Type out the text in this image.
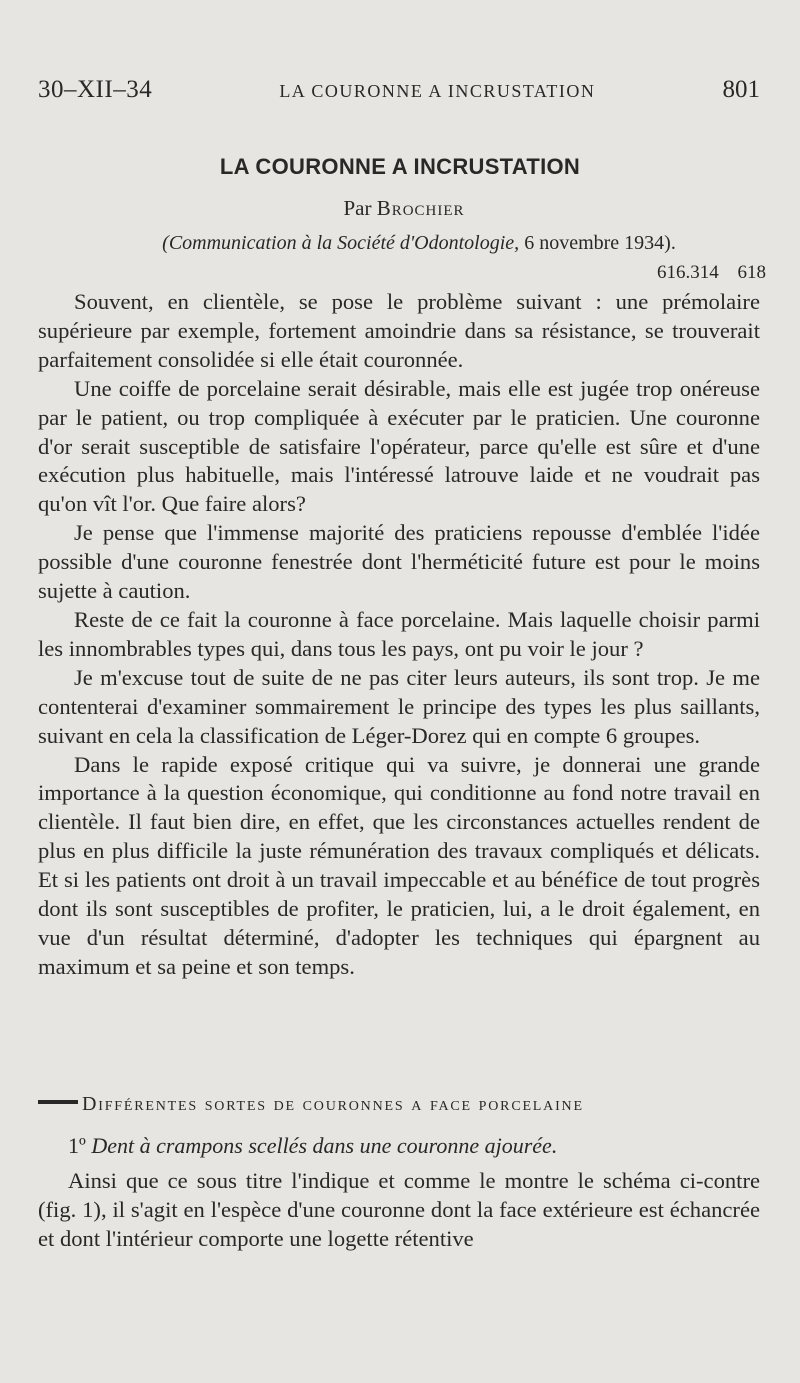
30–XII–34	LA COURONNE A INCRUSTATION	801
LA COURONNE A INCRUSTATION
Par Brochier
(Communication à la Société d'Odontologie, 6 novembre 1934).
616.314 618

Souvent, en clientèle, se pose le problème suivant : une prémolaire supérieure par exemple, fortement amoindrie dans sa résistance, se trouverait parfaitement consolidée si elle était couronnée.

Une coiffe de porcelaine serait désirable, mais elle est jugée trop onéreuse par le patient, ou trop compliquée à exécuter par le praticien. Une couronne d'or serait susceptible de satisfaire l'opérateur, parce qu'elle est sûre et d'une exécution plus habituelle, mais l'intéressé latrouve laide et ne voudrait pas qu'on vît l'or. Que faire alors?

Je pense que l'immense majorité des praticiens repousse d'emblée l'idée possible d'une couronne fenestrée dont l'herméticité future est pour le moins sujette à caution.

Reste de ce fait la couronne à face porcelaine. Mais laquelle choisir parmi les innombrables types qui, dans tous les pays, ont pu voir le jour ?

Je m'excuse tout de suite de ne pas citer leurs auteurs, ils sont trop. Je me contenterai d'examiner sommairement le principe des types les plus saillants, suivant en cela la classification de Léger-Dorez qui en compte 6 groupes.

Dans le rapide exposé critique qui va suivre, je donnerai une grande importance à la question économique, qui conditionne au fond notre travail en clientèle. Il faut bien dire, en effet, que les circonstances actuelles rendent de plus en plus difficile la juste rémunération des travaux compliqués et délicats. Et si les patients ont droit à un travail impeccable et au bénéfice de tout progrès dont ils sont susceptibles de profiter, le praticien, lui, a le droit également, en vue d'un résultat déterminé, d'adopter les techniques qui épargnent au maximum et sa peine et son temps.

Différentes sortes de couronnes a face porcelaine
1º Dent à crampons scellés dans une couronne ajourée.

Ainsi que ce sous titre l'indique et comme le montre le schéma ci-contre (fig. 1), il s'agit en l'espèce d'une couronne dont la face extérieure est échancrée et dont l'intérieur comporte une logette rétentive
